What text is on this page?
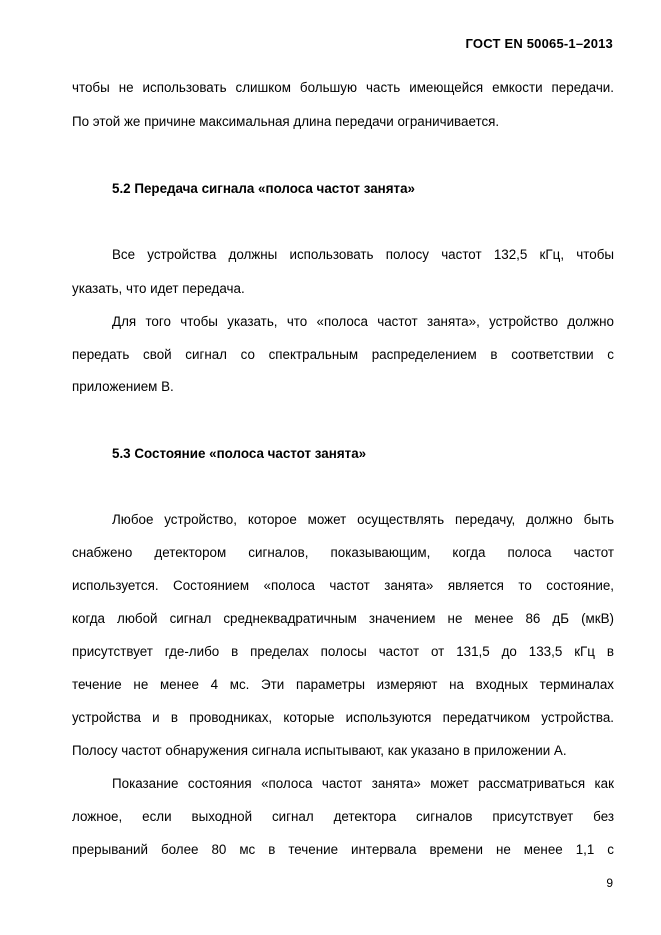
ГОСТ EN 50065-1–2013
чтобы не использовать слишком большую часть имеющейся емкости передачи.
По этой же причине максимальная длина передачи ограничивается.
5.2 Передача сигнала «полоса частот занята»
Все устройства должны использовать полосу частот 132,5 кГц, чтобы
указать, что идет передача.
Для того чтобы указать, что «полоса частот занята», устройство должно
передать свой сигнал со спектральным распределением в соответствии с
приложением В.
5.3 Состояние «полоса частот занята»
Любое устройство, которое может осуществлять передачу, должно быть
снабжено детектором сигналов, показывающим, когда полоса частот
используется. Состоянием «полоса частот занята» является то состояние,
когда любой сигнал среднеквадратичным значением не менее 86 дБ (мкВ)
присутствует где-либо в пределах полосы частот от 131,5 до 133,5 кГц в
течение не менее 4 мс. Эти параметры измеряют на входных терминалах
устройства и в проводниках, которые используются передатчиком устройства.
Полосу частот обнаружения сигнала испытывают, как указано в приложении А.
Показание состояния «полоса частот занята» может рассматриваться как
ложное, если выходной сигнал детектора сигналов присутствует без
прерываний более 80 мс в течение интервала времени не менее 1,1 с
9
